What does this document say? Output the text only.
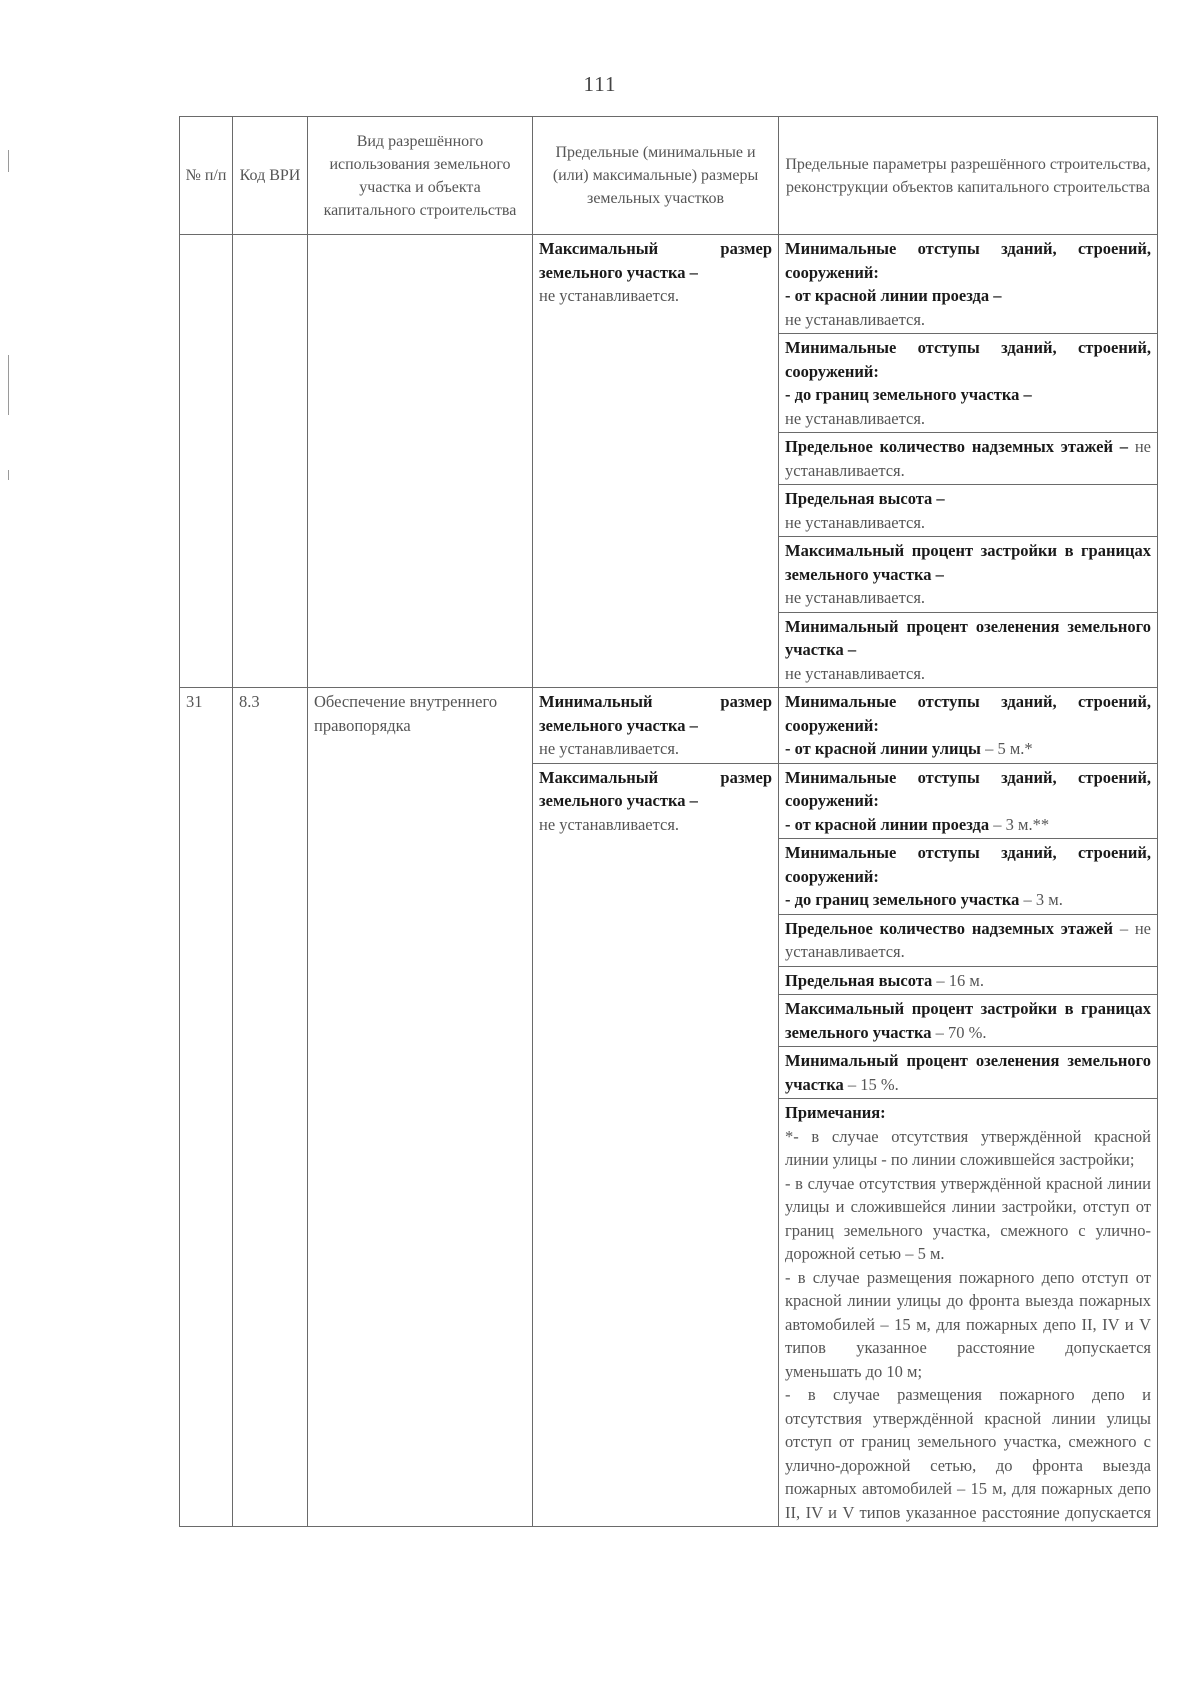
111
№ п/п	Код ВРИ	Вид разрешённого использования земельного участка и объекта капитального строительства	Предельные (минимальные и (или) максимальные) размеры земельных участков	Предельные параметры разрешённого строительства, реконструкции объектов капитального строительства
			Максимальный размер земельного участка –
не устанавливается.	Минимальные отступы зданий, строений, сооружений:
- от красной линии проезда –
не устанавливается.

				Минимальные отступы зданий, строений, сооружений:
- до границ земельного участка –
не устанавливается.

				Предельное количество надземных этажей – не устанавливается.

				Предельная высота –
не устанавливается.

				Максимальный процент застройки в границах земельного участка –
не устанавливается.
				Минимальный процент озеленения земельного участка –
не устанавливается.
31	8.3	Обеспечение внутреннего правопорядка	Минимальный размер земельного участка –
не устанавливается.	Минимальные отступы зданий, строений, сооружений:
- от красной линии улицы – 5 м.*
			Максимальный размер земельного участка –
не устанавливается.	Минимальные отступы зданий, строений, сооружений:
- от красной линии проезда – 3 м.**

				Минимальные отступы зданий, строений, сооружений:
- до границ земельного участка – 3 м.
				Предельное количество надземных этажей – не устанавливается.
				Предельная высота – 16 м.
				Максимальный процент застройки в границах земельного участка – 70 %.
				Минимальный процент озеленения земельного участка – 15 %.

				Примечания:
*- в случае отсутствия утверждённой красной линии улицы - по линии сложившейся застройки;
- в случае отсутствия утверждённой красной линии улицы и сложившейся линии застройки, отступ от границ земельного участка, смежного с улично-дорожной сетью – 5 м.
- в случае размещения пожарного депо отступ от красной линии улицы до фронта выезда пожарных автомобилей – 15 м, для пожарных депо II, IV и V типов указанное расстояние допускается уменьшать до 10 м;
- в случае размещения пожарного депо и отсутствия утверждённой красной линии улицы отступ от границ земельного участка, смежного с улично-дорожной сетью, до фронта выезда пожарных автомобилей – 15 м, для пожарных депо II, IV и V типов указанное расстояние допускается
